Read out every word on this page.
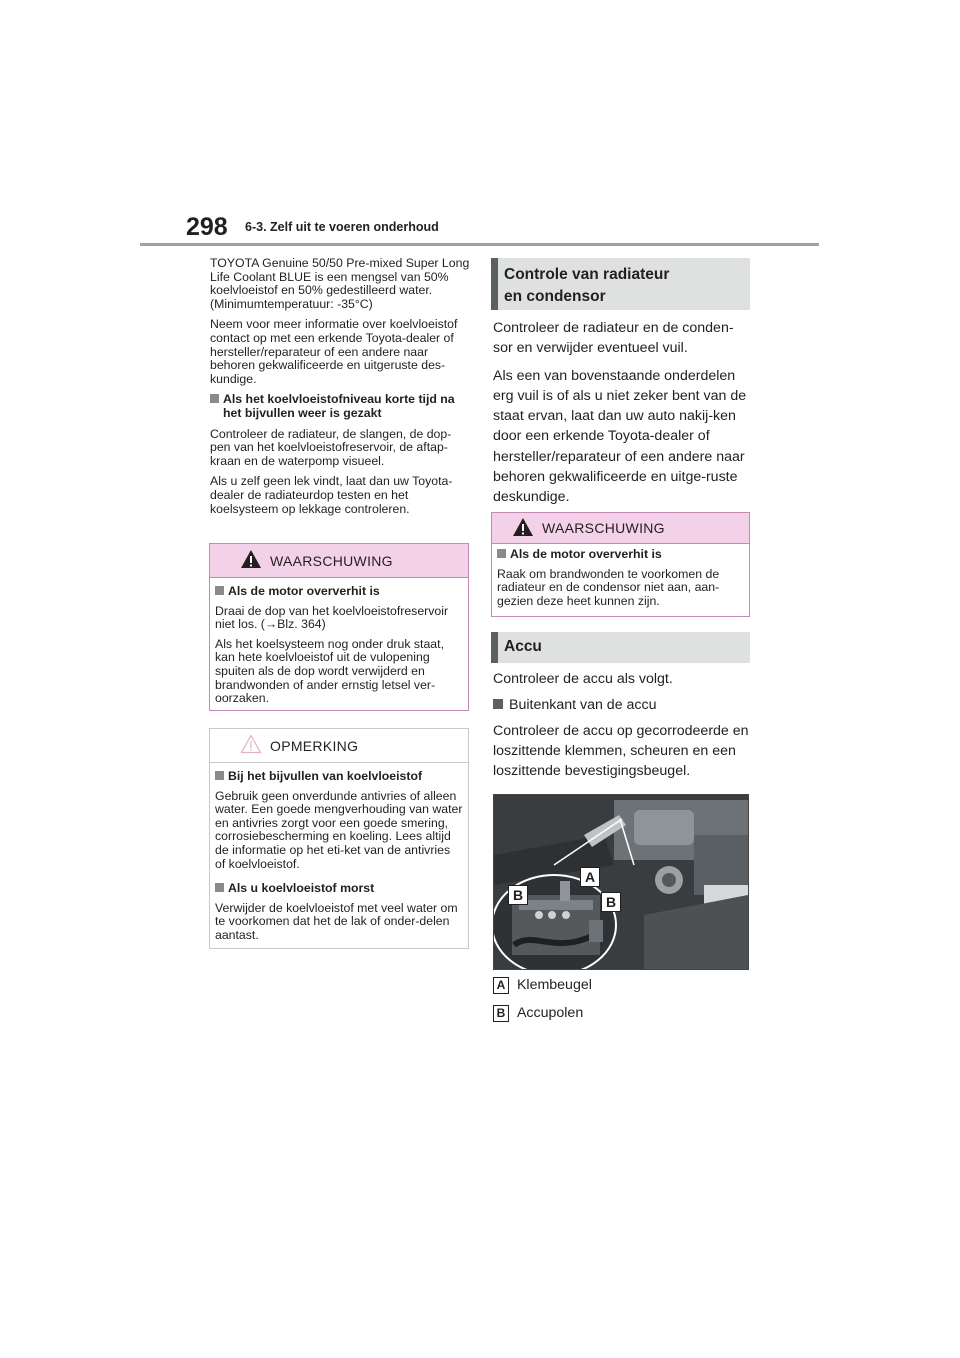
298 6-3. Zelf uit te voeren onderhoud

TOYOTA Genuine 50/50 Pre-mixed Super Long Life Coolant BLUE is een mengsel van 50% koelvloeistof en 50% gedestilleerd water. (Minimumtemperatuur: -35°C)

Neem voor meer informatie over koelvloeistof contact op met een erkende Toyota-dealer of hersteller/reparateur of een andere naar behoren gekwalificeerde en uitgeruste des-kundige.

Als het koelvloeistofniveau korte tijd na het bijvullen weer is gezakt

Controleer de radiateur, de slangen, de dop-pen van het koelvloeistofreservoir, de aftap-kraan en de waterpomp visueel.

Als u zelf geen lek vindt, laat dan uw Toyota-dealer de radiateurdop testen en het koelsysteem op lekkage controleren.

WAARSCHUWING

Als de motor oververhit is

Draai de dop van het koelvloeistofreservoir niet los. (→Blz. 364)

Als het koelsysteem nog onder druk staat, kan hete koelvloeistof uit de vulopening spuiten als de dop wordt verwijderd en brandwonden of ander ernstig letsel ver-oorzaken.

OPMERKING

Bij het bijvullen van koelvloeistof

Gebruik geen onverdunde antivries of alleen water. Een goede mengverhouding van water en antivries zorgt voor een goede smering, corrosiebescherming en koeling. Lees altijd de informatie op het eti-ket van de antivries of koelvloeistof.

Als u koelvloeistof morst

Verwijder de koelvloeistof met veel water om te voorkomen dat het de lak of onder-delen aantast.

Controle van radiateur
en condensor

Controleer de radiateur en de conden-sor en verwijder eventueel vuil.

Als een van bovenstaande onderdelen erg vuil is of als u niet zeker bent van de staat ervan, laat dan uw auto nakij-ken door een erkende Toyota-dealer of hersteller/reparateur of een andere naar behoren gekwalificeerde en uitge-ruste deskundige.

WAARSCHUWING

Als de motor oververhit is

Raak om brandwonden te voorkomen de radiateur en de condensor niet aan, aan-gezien deze heet kunnen zijn.

Accu

Controleer de accu als volgt.

Buitenkant van de accu

Controleer de accu op gecorrodeerde en loszittende klemmen, scheuren en een loszittende bevestigingsbeugel.

A
B	B
A Klembeugel
B Accupolen
